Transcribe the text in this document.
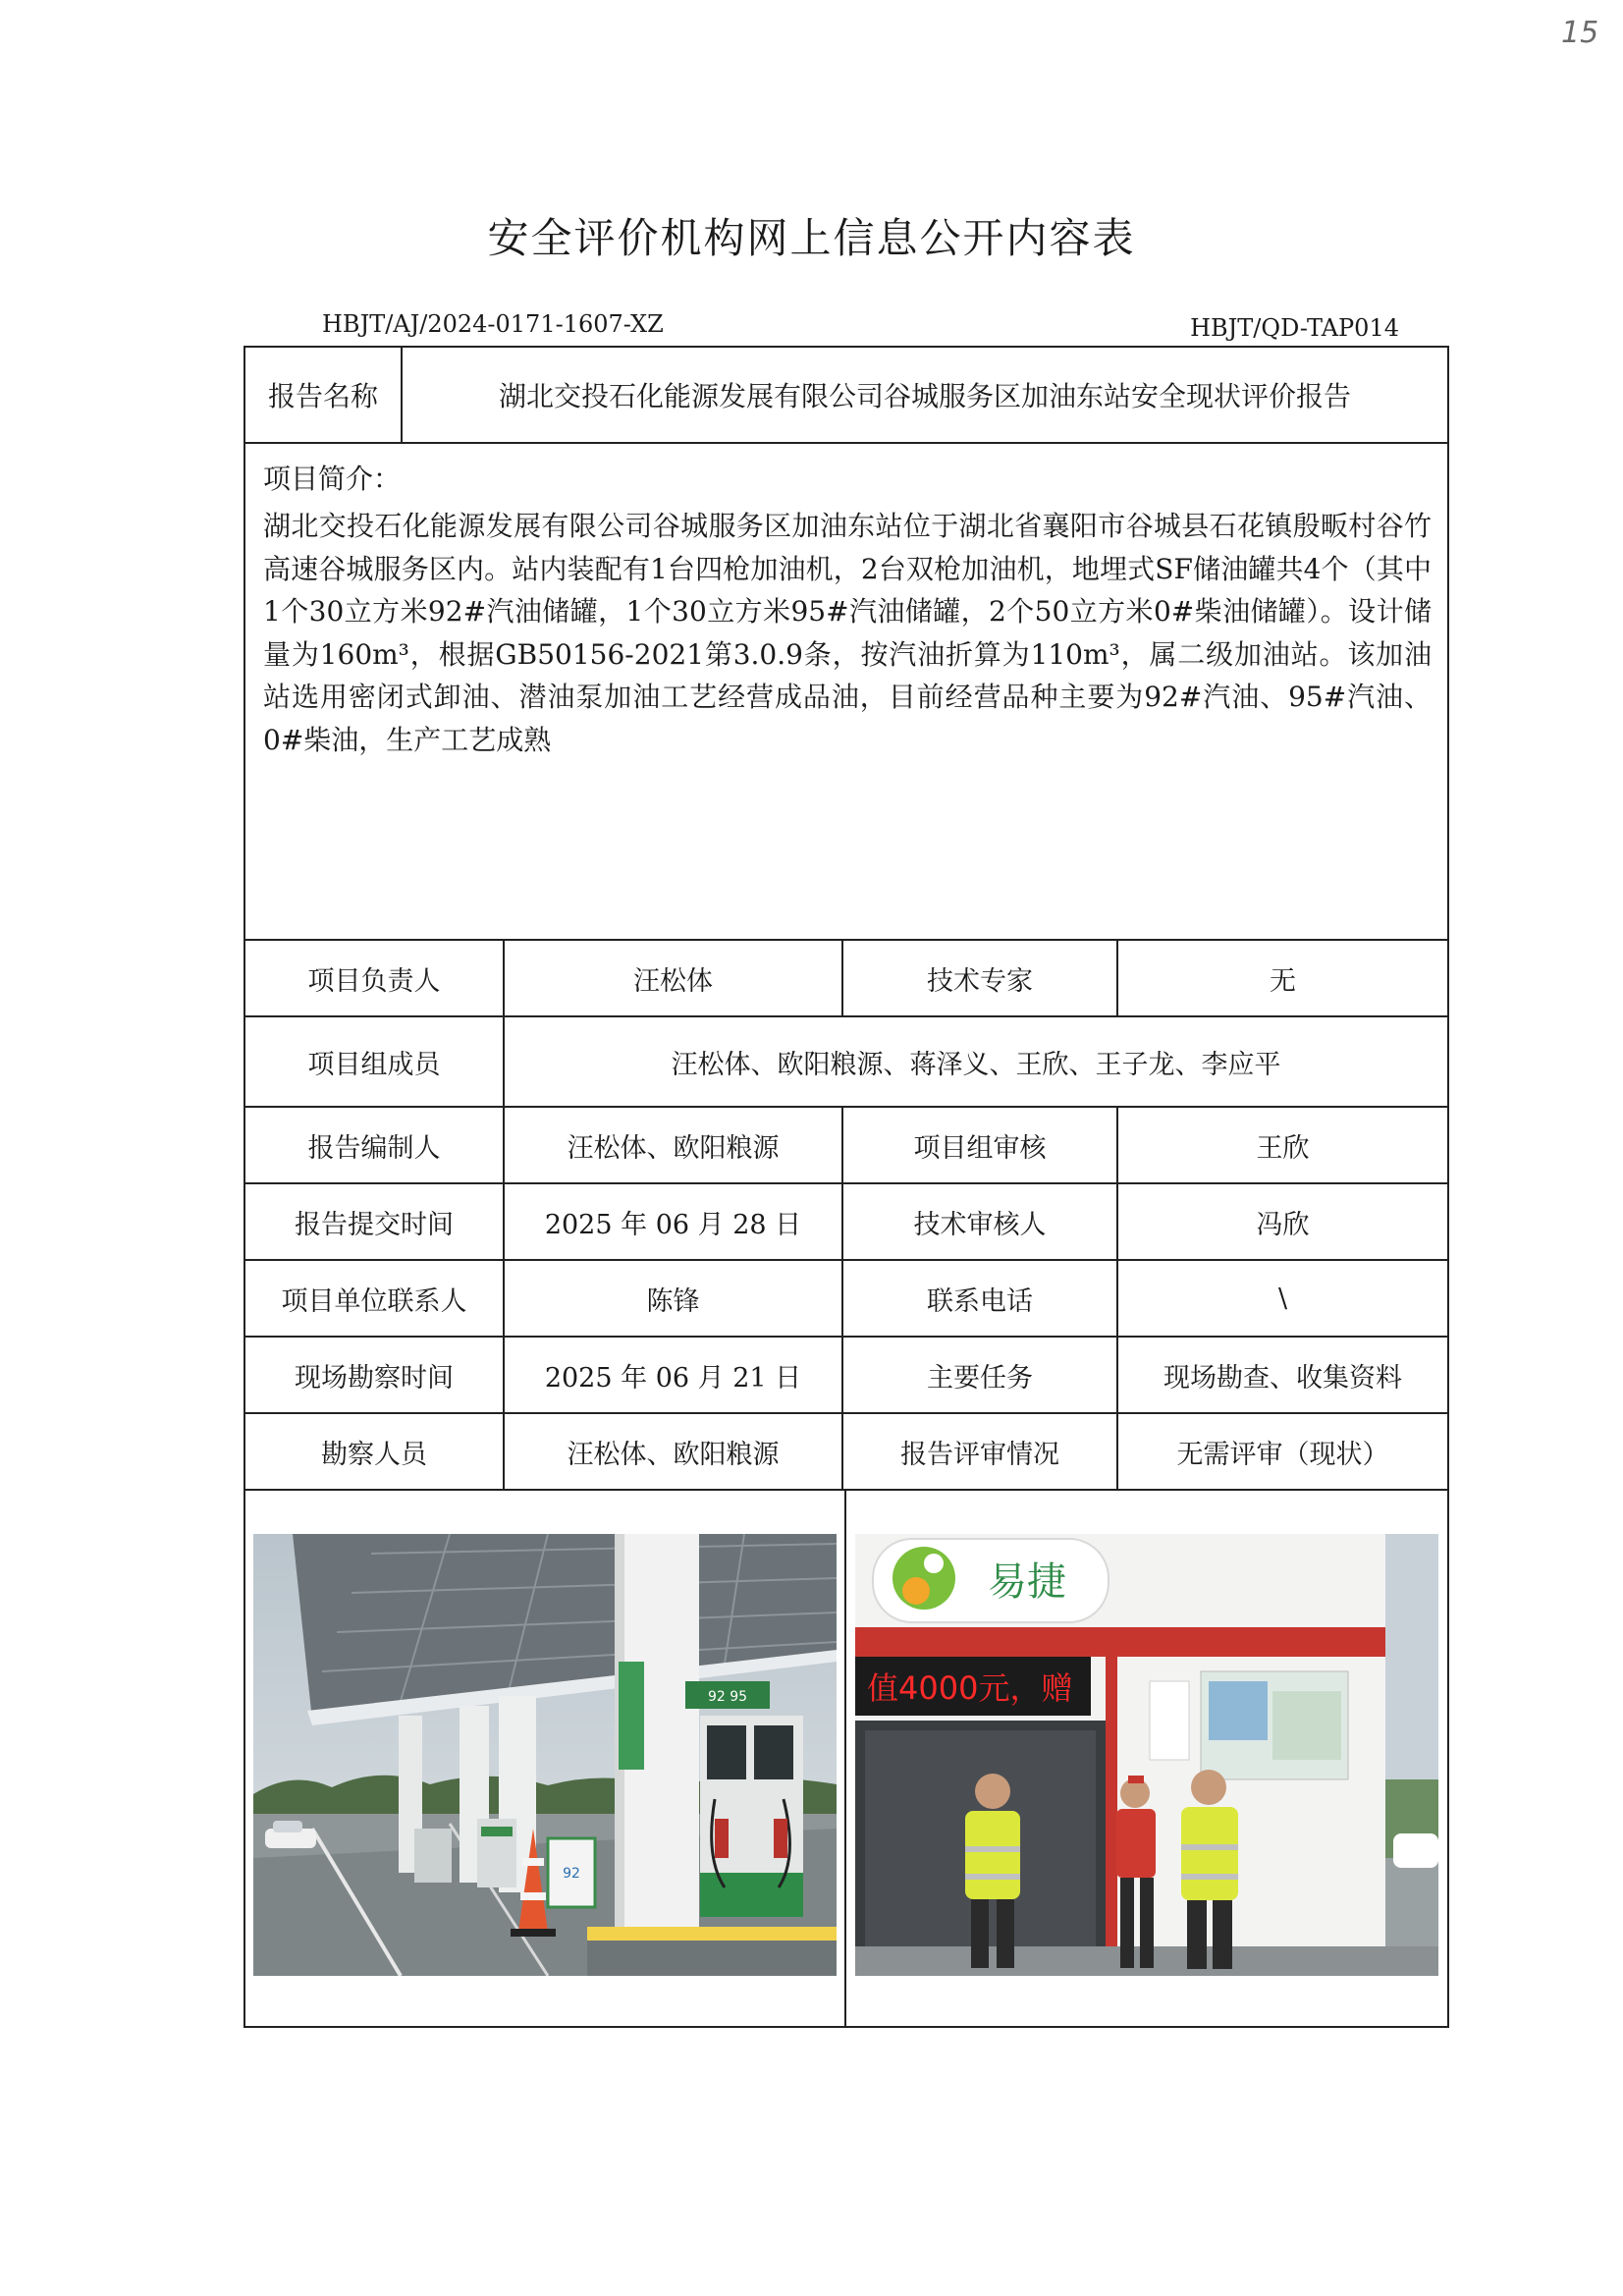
15
安全评价机构网上信息公开内容表
HBJT/AJ/2024-0171-1607-XZ	HBJT/QD-TAP014
报告名称	湖北交投石化能源发展有限公司谷城服务区加油东站安全现状评价报告
项目简介：
湖北交投石化能源发展有限公司谷城服务区加油东站位于湖北省襄阳市谷城县石花镇殷畈村谷竹高速谷城服务区内。站内装配有1台四枪加油机，2台双枪加油机，地埋式SF储油罐共4个（其中1个30立方米92#汽油储罐，1个30立方米95#汽油储罐，2个50立方米0#柴油储罐）。设计储量为160m³，根据GB50156-2021第3.0.9条，按汽油折算为110m³，属二级加油站。该加油站选用密闭式卸油、潜油泵加油工艺经营成品油，目前经营品种主要为92#汽油、95#汽油、0#柴油，生产工艺成熟
项目负责人	汪松体	技术专家	无
项目组成员	汪松体、欧阳粮源、蒋泽义、王欣、王子龙、李应平
报告编制人	汪松体、欧阳粮源	项目组审核	王欣
报告提交时间	2025 年 06 月 28 日	技术审核人	冯欣
项目单位联系人	陈锋	联系电话	\
现场勘察时间	2025 年 06 月 21 日	主要任务	现场勘查、收集资料
勘察人员	汪松体、欧阳粮源	报告评审情况	无需评审（现状）
92 95
92
易捷
值4000元，赠
